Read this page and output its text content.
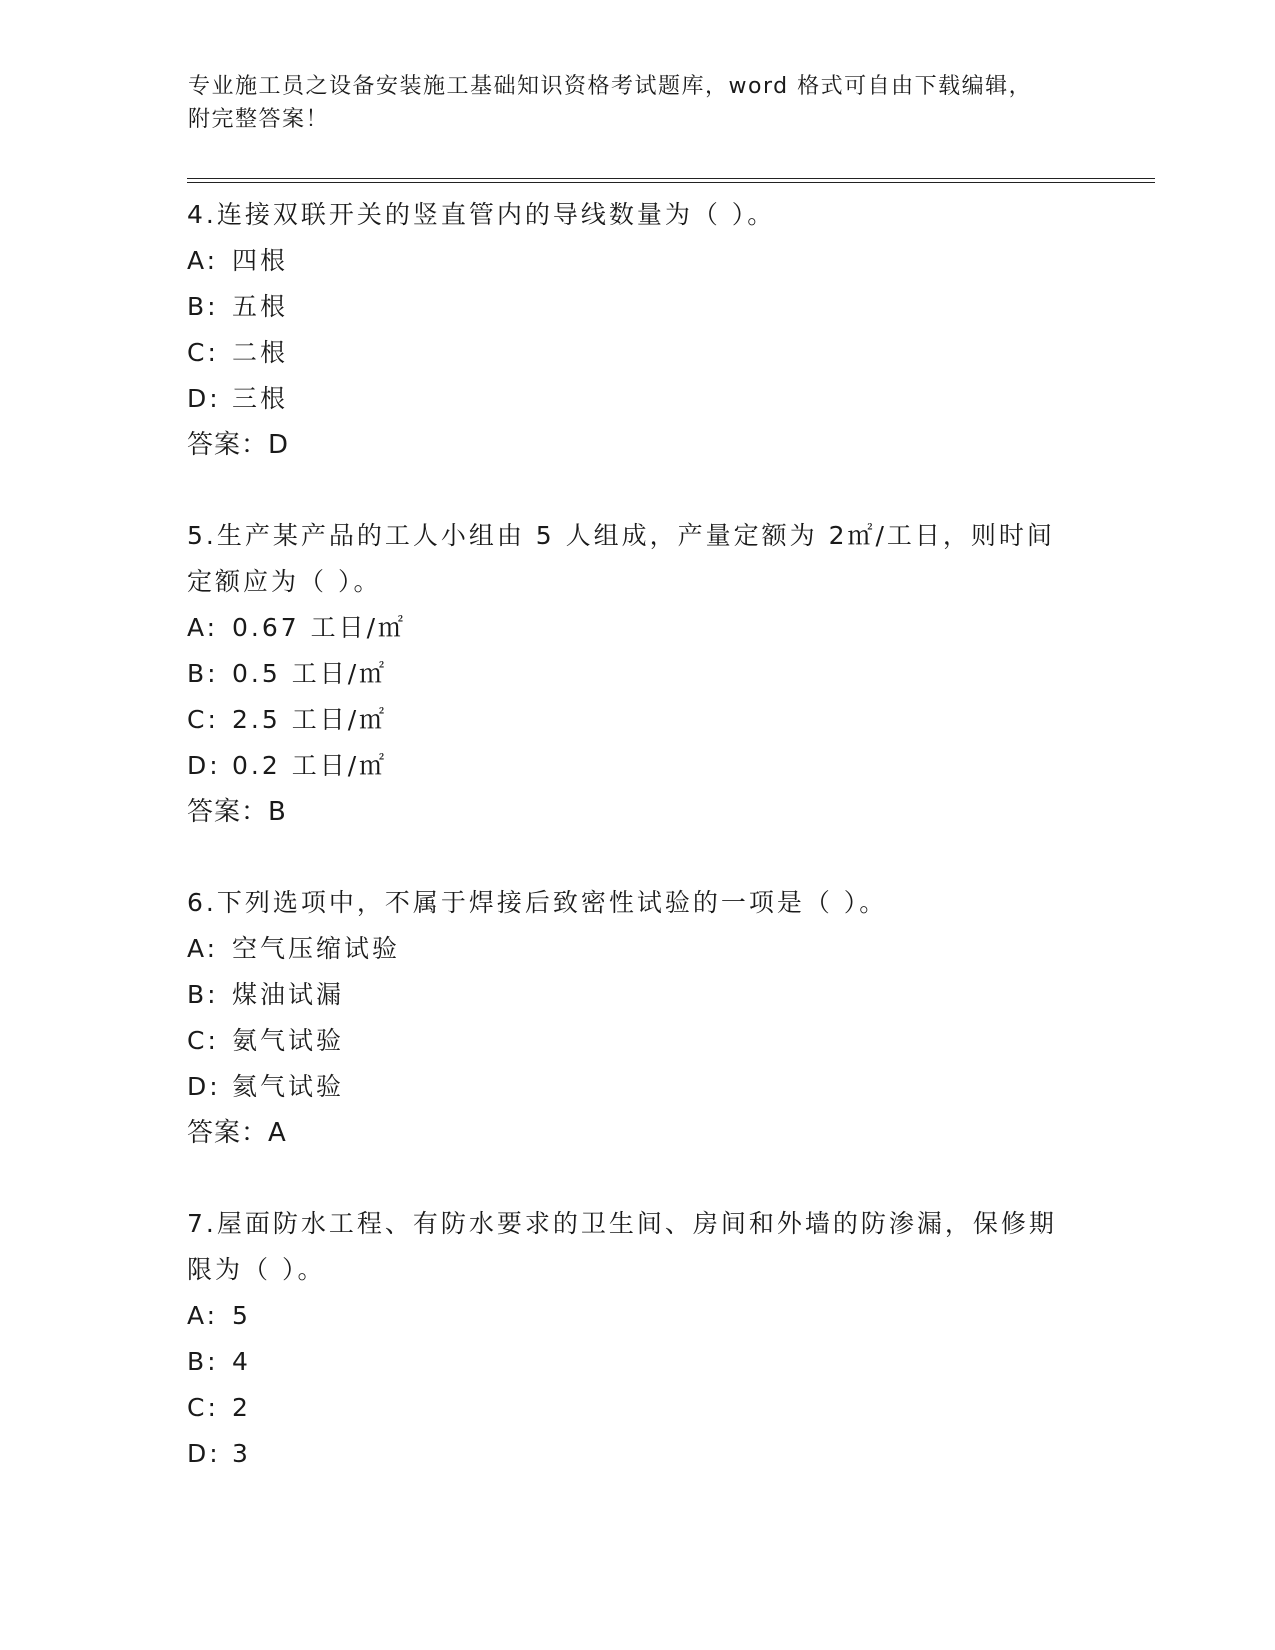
专业施工员之设备安装施工基础知识资格考试题库，word 格式可自由下载编辑，
附完整答案！

4.连接双联开关的竖直管内的导线数量为（ ）。

A: 四根
B: 五根
C: 二根
D: 三根

答案：D

5.生产某产品的工人小组由 5 人组成，产量定额为 2㎡/工日，则时间定额应为（ ）。

A: 0.67 工日/㎡
B: 0.5 工日/㎡
C: 2.5 工日/㎡
D: 0.2 工日/㎡

答案：B

6.下列选项中，不属于焊接后致密性试验的一项是（ ）。

A: 空气压缩试验
B: 煤油试漏
C: 氨气试验
D: 氦气试验

答案：A

7.屋面防水工程、有防水要求的卫生间、房间和外墙的防渗漏，保修期限为（ ）。

A: 5
B: 4
C: 2
D: 3
